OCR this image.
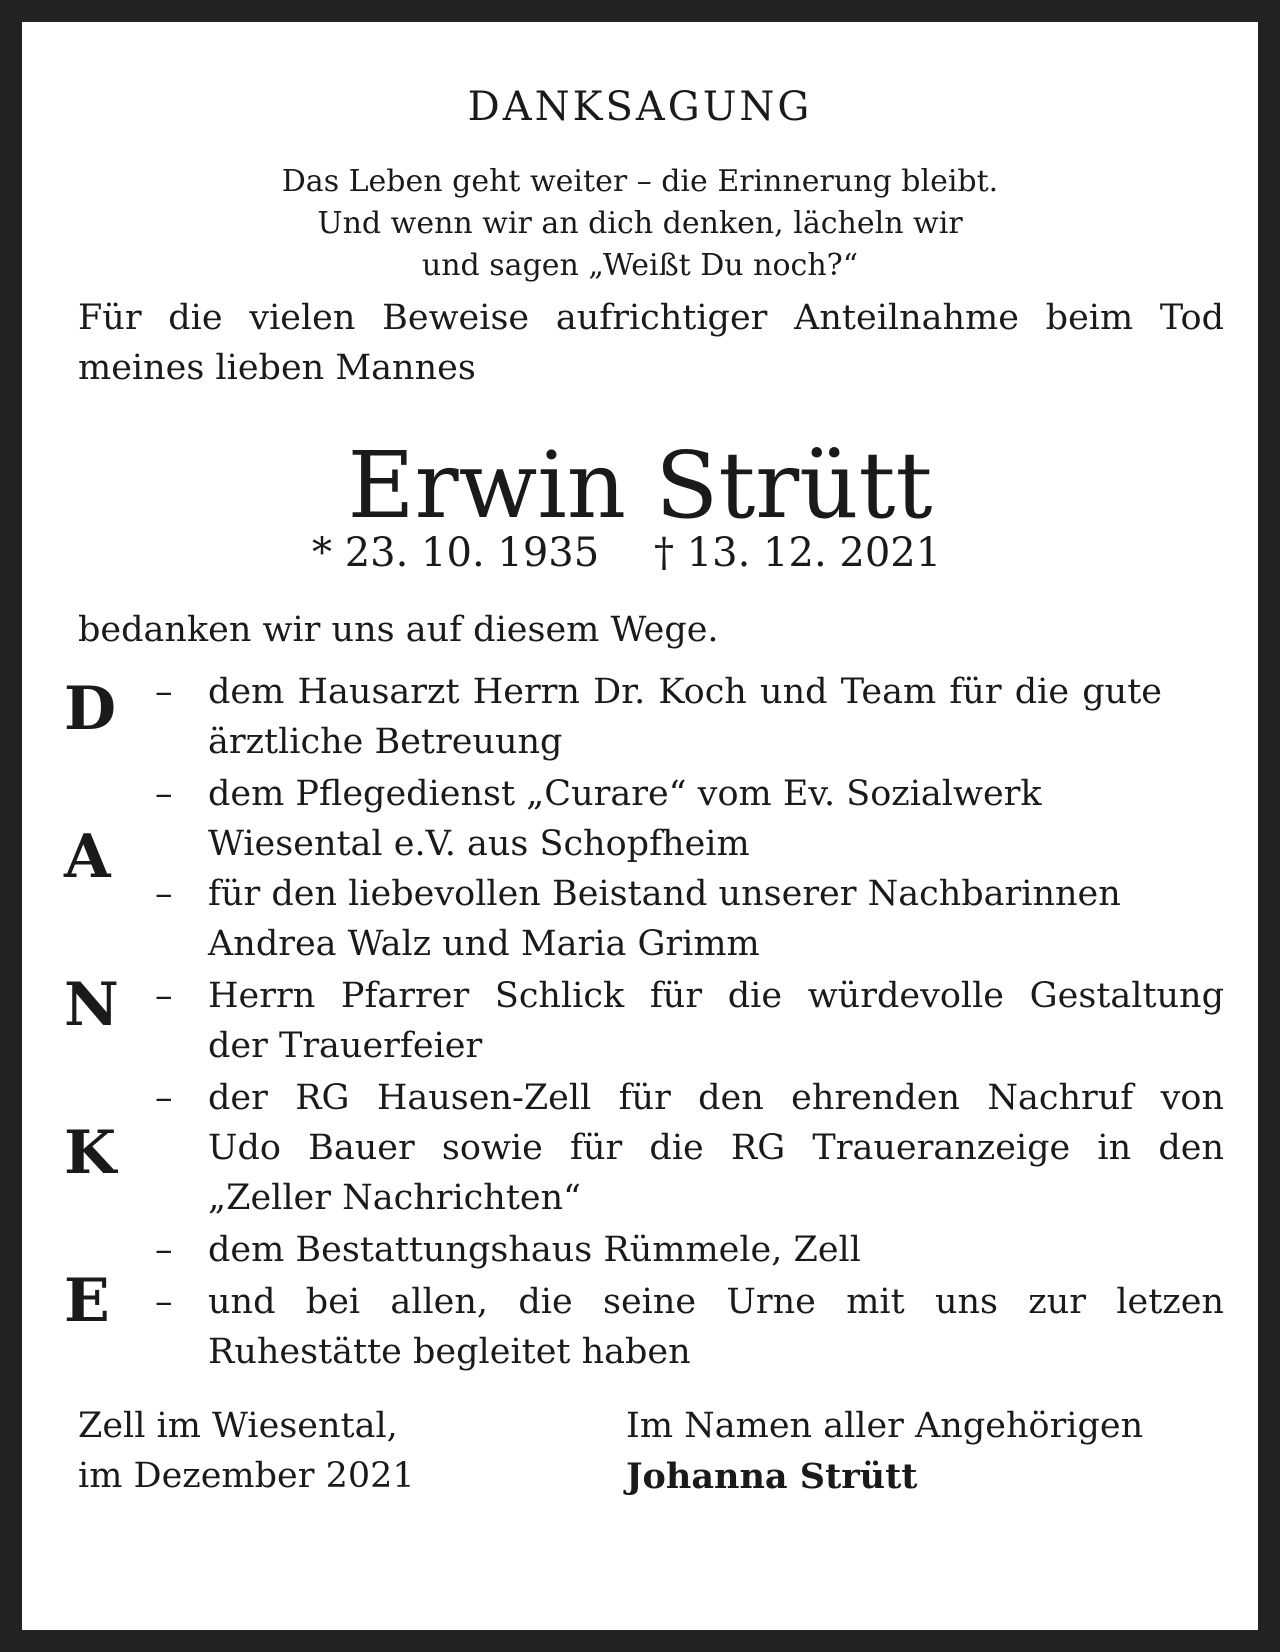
DANKSAGUNG
Das Leben geht weiter – die Erinnerung bleibt.
Und wenn wir an dich denken, lächeln wir
und sagen „Weißt Du noch?“
Für die vielen Beweise aufrichtiger Anteilnahme beim Tod
meines lieben Mannes
Erwin Strütt
* 23. 10. 1935 † 13. 12. 2021
bedanken wir uns auf diesem Wege.
D
A
N
K
E
– dem Hausarzt Herrn Dr. Koch und Team für die gute
ärztliche Betreuung
– dem Pflegedienst „Curare“ vom Ev. Sozialwerk
Wiesental e.V. aus Schopfheim
– für den liebevollen Beistand unserer Nachbarinnen
Andrea Walz und Maria Grimm
– Herrn Pfarrer Schlick für die würdevolle Gestaltung
der Trauerfeier
– der RG Hausen-Zell für den ehrenden Nachruf von
Udo Bauer sowie für die RG Traueranzeige in den
„Zeller Nachrichten“
– dem Bestattungshaus Rümmele, Zell
– und bei allen, die seine Urne mit uns zur letzen
Ruhestätte begleitet haben
Zell im Wiesental,
im Dezember 2021
Im Namen aller Angehörigen
Johanna Strütt
